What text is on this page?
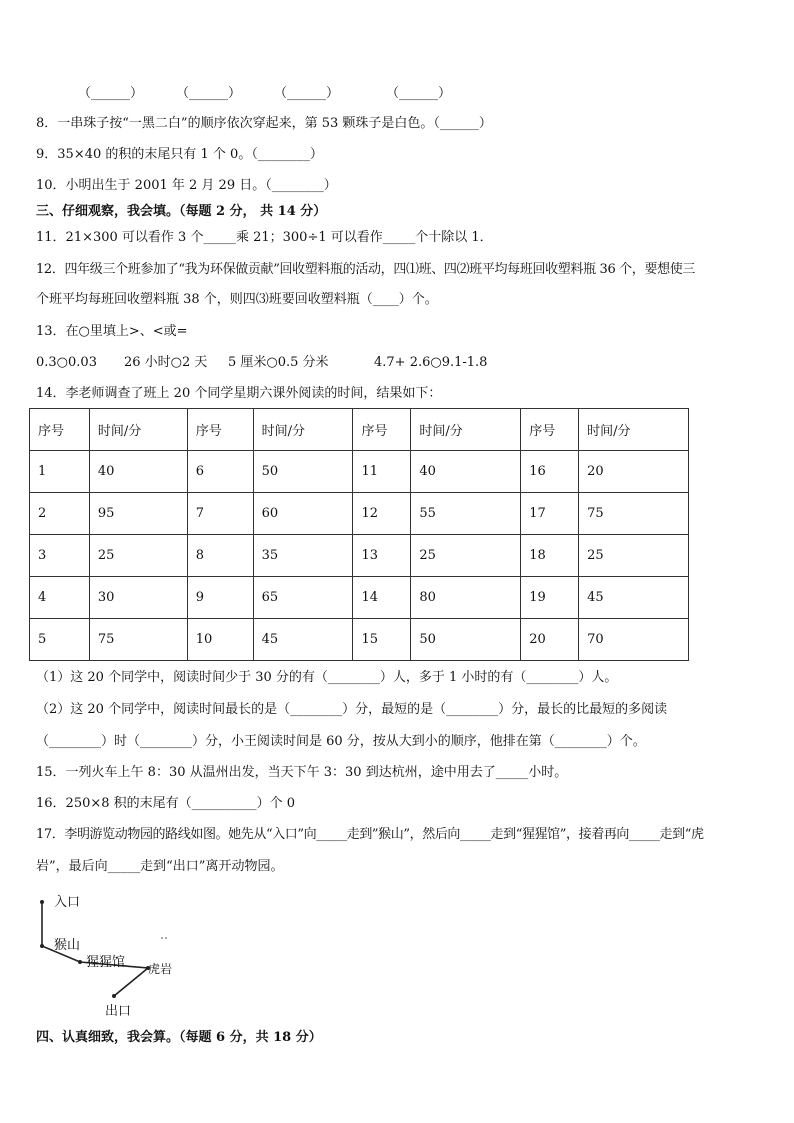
（______）	（______）	（______）	（______）
8．一串珠子按“一黑二白”的顺序依次穿起来，第 53 颗珠子是白色。（______）
9．35×40 的积的末尾只有 1 个 0。（________）
10．小明出生于 2001 年 2 月 29 日。（________）
三、仔细观察，我会填。（每题 2 分， 共 14 分）
11．21×300 可以看作 3 个_____乘 21；300÷1 可以看作_____个十除以 1．
12．四年级三个班参加了“我为环保做贡献”回收塑料瓶的活动，四⑴班、四⑵班平均每班回收塑料瓶 36 个，要想使三
个班平均每班回收塑料瓶 38 个，则四⑶班要回收塑料瓶（____）个。
13．在○里填上>、<或=
0.3○0.03 26 小时○2 天 5 厘米○0.5 分米	4.7+ 2.6○9.1-1.8
14．李老师调查了班上 20 个同学星期六课外阅读的时间，结果如下：
序号	时间/分	序号	时间/分	序号	时间/分	序号	时间/分
1	40	6	50	11	40	16	20
2	95	7	60	12	55	17	75
3	25	8	35	13	25	18	25
4	30	9	65	14	80	19	45
5	75	10	45	15	50	20	70
（1）这 20 个同学中，阅读时间少于 30 分的有（________）人，多于 1 小时的有（________）人。
（2）这 20 个同学中，阅读时间最长的是（________）分，最短的是（________）分，最长的比最短的多阅读
（________）时（________）分，小王阅读时间是 60 分，按从大到小的顺序，他排在第（________）个。
15．一列火车上午 8：30 从温州出发，当天下午 3：30 到达杭州，途中用去了_____小时。
16．250×8 积的末尾有（__________）个 0
17．李明游览动物园的路线如图。她先从“入口”向_____走到”猴山”，然后向_____走到“猩猩馆”，接着再向_____走到“虎
岩”，最后向_____走到“出口”离开动物园。
入口
猴山
猩猩馆 虎岩
出口
四、认真细致，我会算。（每题 6 分，共 18 分）
